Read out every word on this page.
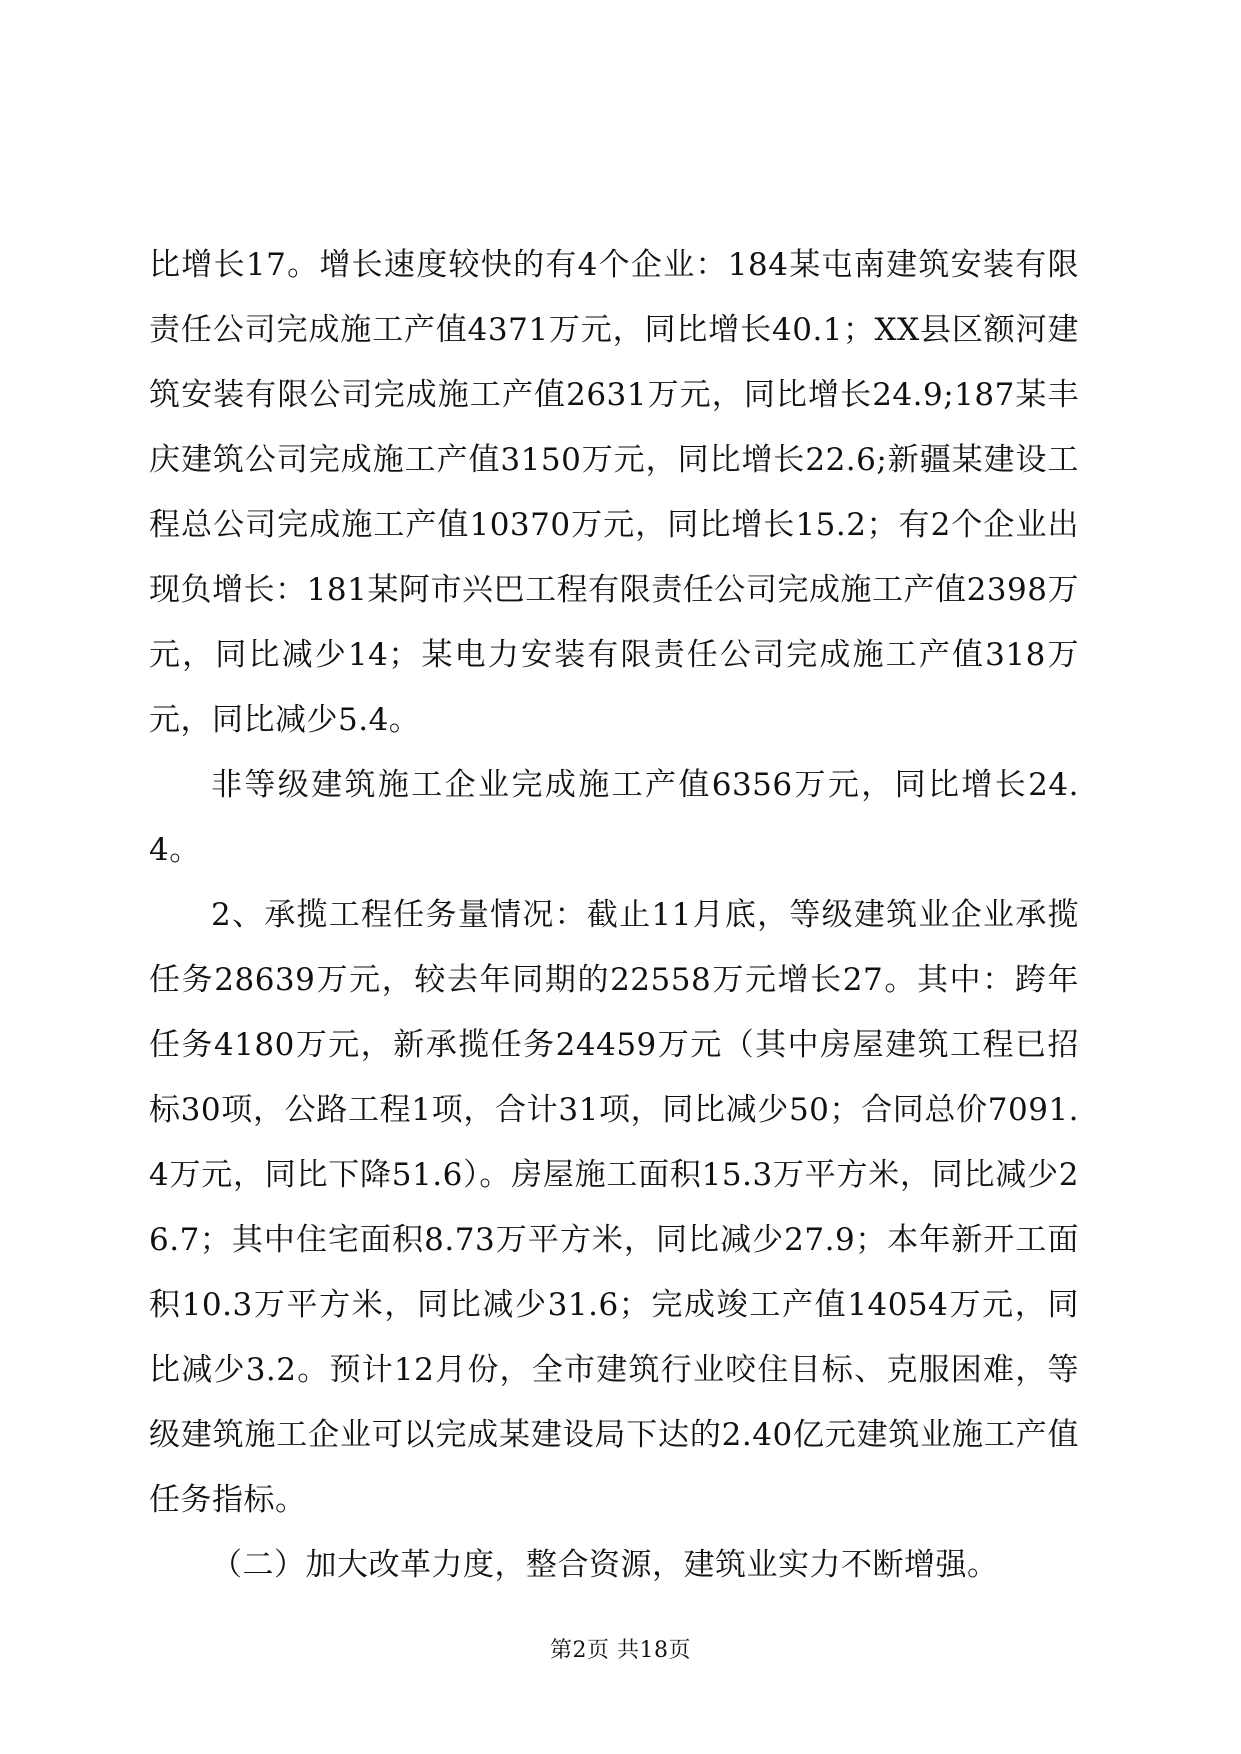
比增长17。增长速度较快的有4个企业：184某屯南建筑安装有限责任公司完成施工产值4371万元，同比增长40.1；XX县区额河建筑安装有限公司完成施工产值2631万元，同比增长24.9;187某丰庆建筑公司完成施工产值3150万元，同比增长22.6;新疆某建设工程总公司完成施工产值10370万元，同比增长15.2；有2个企业出现负增长：181某阿市兴巴工程有限责任公司完成施工产值2398万元，同比减少14；某电力安装有限责任公司完成施工产值318万元，同比减少5.4。

非等级建筑施工企业完成施工产值6356万元，同比增长24.4。

2、承揽工程任务量情况：截止11月底，等级建筑业企业承揽任务28639万元，较去年同期的22558万元增长27。其中：跨年任务4180万元，新承揽任务24459万元（其中房屋建筑工程已招标30项，公路工程1项，合计31项，同比减少50；合同总价7091.4万元，同比下降51.6）。房屋施工面积15.3万平方米，同比减少26.7；其中住宅面积8.73万平方米，同比减少27.9；本年新开工面积10.3万平方米，同比减少31.6；完成竣工产值14054万元，同比减少3.2。预计12月份，全市建筑行业咬住目标、克服困难，等级建筑施工企业可以完成某建设局下达的2.40亿元建筑业施工产值任务指标。

（二）加大改革力度，整合资源，建筑业实力不断增强。

第2页 共18页
